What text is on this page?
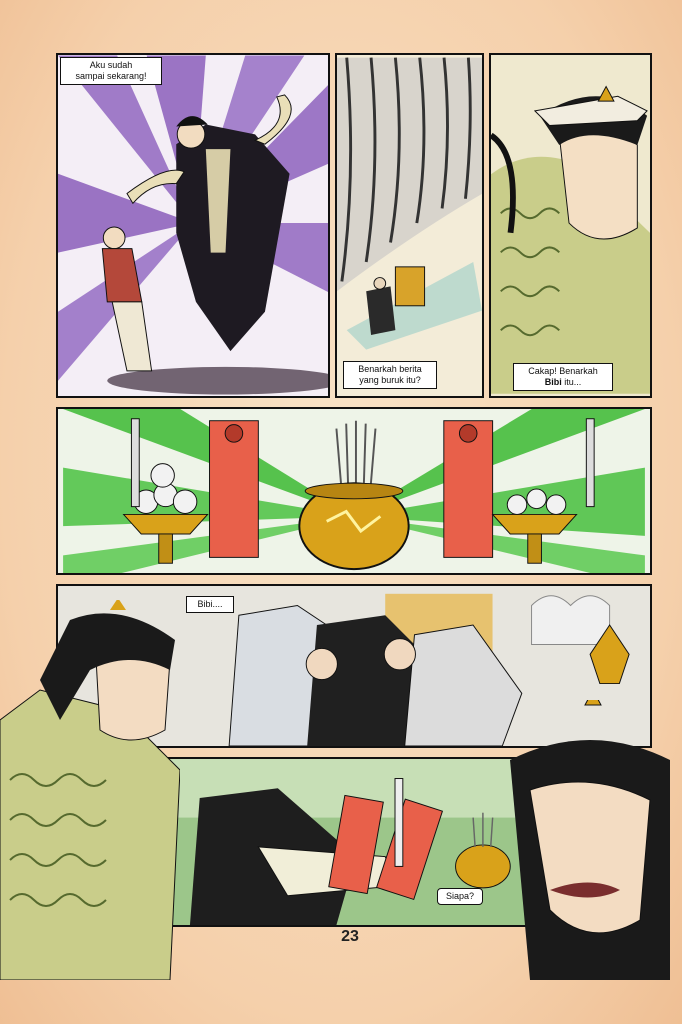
Aku sudah
sampai sekarang!
Benarkah berita
yang buruk itu?
Cakap! Benarkah
Bibi itu...
Bibi....
Siapa?
23
